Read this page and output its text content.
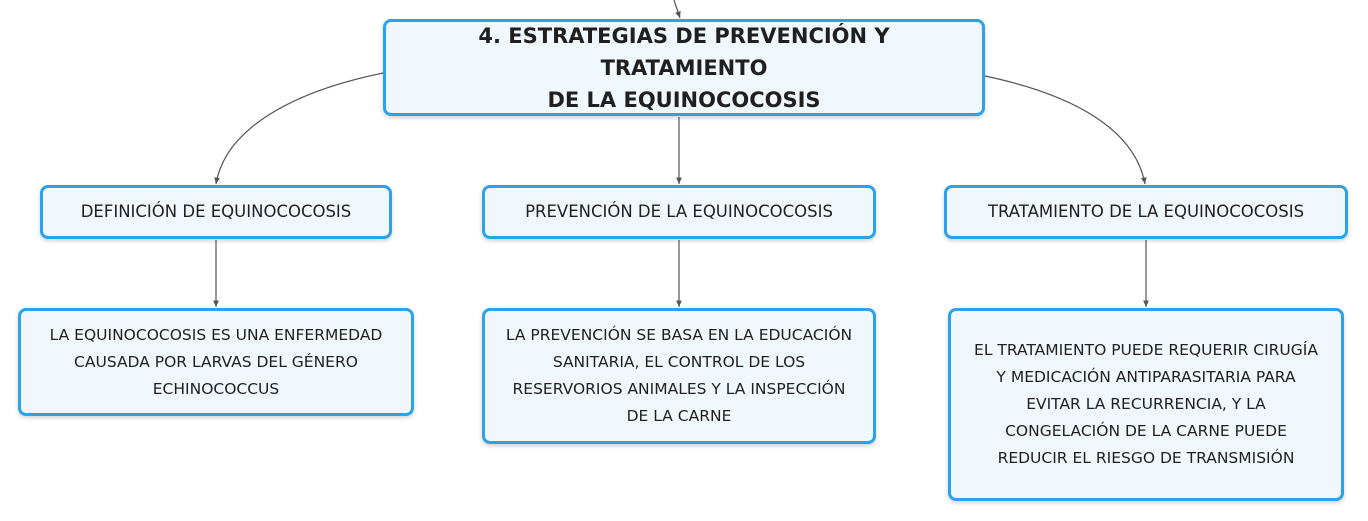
4. ESTRATEGIAS DE PREVENCIÓN Y TRATAMIENTO
DE LA EQUINOCOCOSIS
DEFINICIÓN DE EQUINOCOCOSIS	PREVENCIÓN DE LA EQUINOCOCOSIS	TRATAMIENTO DE LA EQUINOCOCOSIS
LA EQUINOCOCOSIS ES UNA ENFERMEDAD
CAUSADA POR LARVAS DEL GÉNERO
ECHINOCOCCUS
LA PREVENCIÓN SE BASA EN LA EDUCACIÓN
SANITARIA, EL CONTROL DE LOS
RESERVORIOS ANIMALES Y LA INSPECCIÓN
DE LA CARNE
EL TRATAMIENTO PUEDE REQUERIR CIRUGÍA
Y MEDICACIÓN ANTIPARASITARIA PARA
EVITAR LA RECURRENCIA, Y LA
CONGELACIÓN DE LA CARNE PUEDE
REDUCIR EL RIESGO DE TRANSMISIÓN
